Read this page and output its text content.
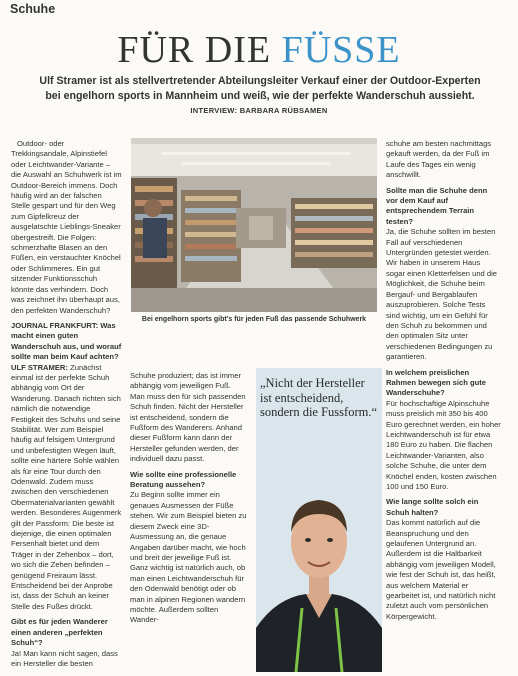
Schuhe
FÜR DIE FÜSSE
Ulf Stramer ist als stellvertretender Abteilungsleiter Verkauf einer der Outdoor-Experten bei engelhorn sports in Mannheim und weiß, wie der perfekte Wanderschuh aussieht.
INTERVIEW: BARBARA RÜBSAMEN

Outdoor- oder Trekkingsandale, Alpinstiefel oder Leichtwander-Variante – die Auswahl an Schuhwerk ist im Outdoor-Bereich immens. Doch häufig wird an der falschen Stelle gespart und für den Weg zum Gipfelkreuz der ausgelatschte Lieblings-Sneaker übergestreift. Die Folgen: schmerzhafte Blasen an den Füßen, ein verstauchter Knöchel oder Schlimmeres. Ein gut sitzender Funktionsschuh könnte das verhindern. Doch was zeichnet ihn überhaupt aus, den perfekten Wanderschuh?

JOURNAL FRANKFURT: Was macht einen guten Wanderschuh aus, und worauf sollte man beim Kauf achten?

ULF STRAMER: Zunächst einmal ist der perfekte Schuh abhängig vom Ort der Wanderung. Danach richten sich nämlich die notwendige Festigkeit des Schuhs und seine Stabilität. Wer zum Beispiel häufig auf felsigem Untergrund und unbefestigten Wegen läuft, sollte eine härtere Sohle wählen als für eine Tour durch den Odenwald. Zudem muss zwischen den verschiedenen Obermaterialvarianten gewählt werden. Besonderes Augenmerk gilt der Passform: Die beste ist diejenige, die einen optimalen Fersenhalt bietet und dem Träger in der Zehenbox – dort, wo sich die Zehen befinden – genügend Freiraum lässt. Entscheidend bei der Anprobe ist, dass der Schuh an keiner Stelle des Fußes drückt.

Gibt es für jeden Wanderer einen anderen „perfekten Schuh“?

Ja! Man kann nicht sagen, dass ein Hersteller die besten

Bei engelhorn sports gibt's für jeden Fuß das passende Schuhwerk

Schuhe produziert; das ist immer abhängig vom jeweiligen Fuß. Man muss den für sich passenden Schuh finden. Nicht der Hersteller ist entscheidend, sondern die Fußform des Wanderers. Anhand dieser Fußform kann dann der Hersteller gefunden werden, der individuell dazu passt.

Wie sollte eine professionelle Beratung aussehen?

Zu Beginn sollte immer ein genaues Ausmessen der Füße stehen. Wir zum Beispiel bieten zu diesem Zweck eine 3D-Ausmessung an, die genaue Angaben darüber macht, wie hoch und breit der jeweilige Fuß ist. Ganz wichtig ist natürlich auch, ob man einen Leichtwanderschuh für den Odenwald benötigt oder ob man in alpinen Regionen wandern möchte. Außerdem sollten Wander-

„Nicht der Hersteller ist entscheidend, sondern die Fussform.“

schuhe am besten nachmittags gekauft werden, da der Fuß im Laufe des Tages ein wenig anschwillt.

Sollte man die Schuhe denn vor dem Kauf auf entsprechendem Terrain testen?

Ja, die Schuhe sollten im besten Fall auf verschiedenen Untergründen getestet werden. Wir haben in unserem Haus sogar einen Kletterfelsen und die Möglichkeit, die Schuhe beim Bergauf- und Bergablaufen auszuprobieren. Solche Tests sind wichtig, um ein Gefühl für den Schuh zu bekommen und den optimalen Sitz unter verschiedenen Bedingungen zu garantieren.

In welchem preislichen Rahmen bewegen sich gute Wanderschuhe?

Für hochschaftige Alpinschuhe muss preislich mit 350 bis 400 Euro gerechnet werden, ein hoher Leichtwanderschuh ist für etwa 180 Euro zu haben. Die flachen Leichtwander-Varianten, also solche Schuhe, die unter dem Knöchel enden, kosten zwischen 100 und 150 Euro.

Wie lange sollte solch ein Schuh halten?

Das kommt natürlich auf die Beanspruchung und den gelaufenen Untergrund an. Außerdem ist die Haltbarkeit abhängig vom jeweiligen Modell, wie fest der Schuh ist, das heißt, aus welchem Material er gearbeitet ist, und natürlich nicht zuletzt auch vom persönlichen Körpergewicht.
